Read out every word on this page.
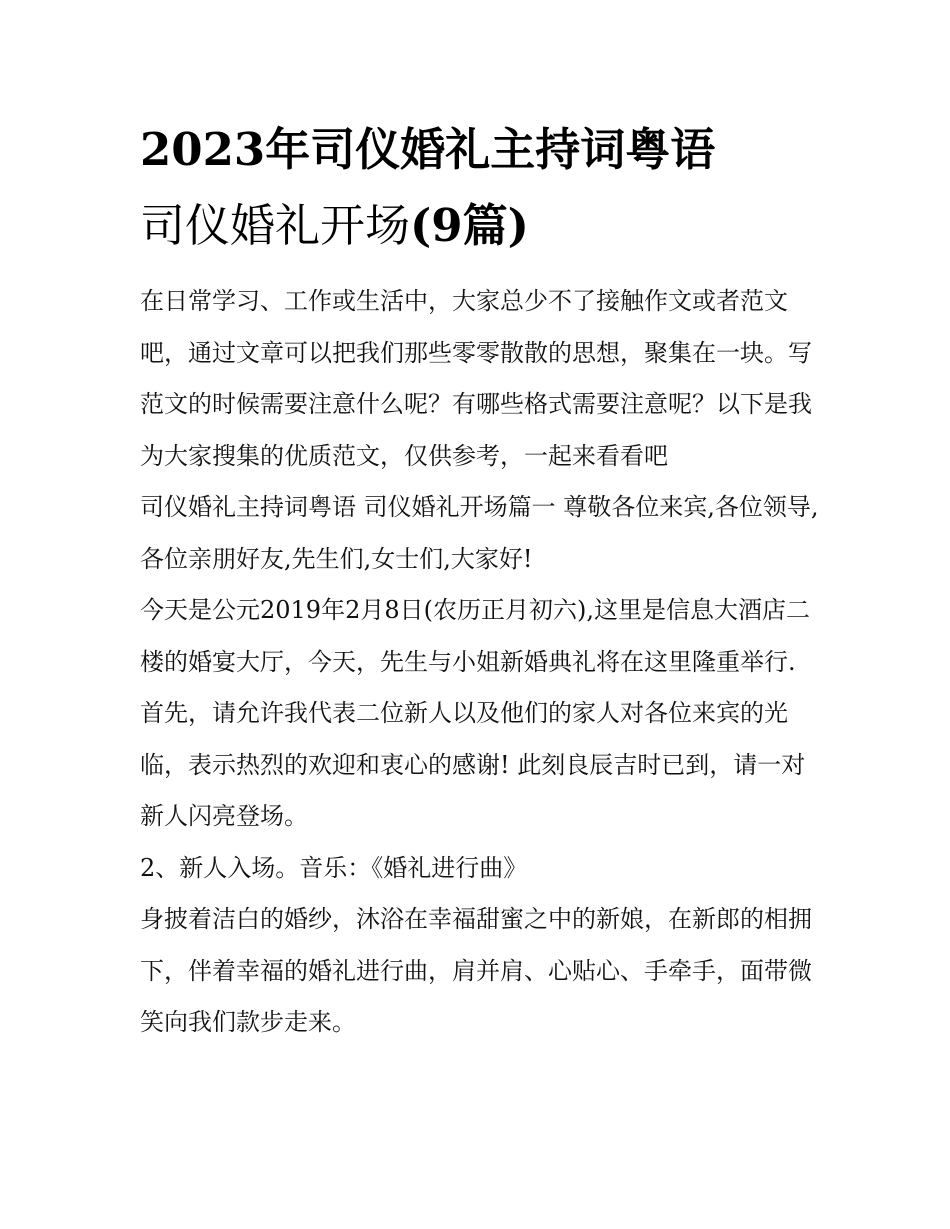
2023年司仪婚礼主持词粤语
司仪婚礼开场(9篇)

在日常学习、工作或生活中，大家总少不了接触作文或者范文吧，通过文章可以把我们那些零零散散的思想，聚集在一块。写范文的时候需要注意什么呢？有哪些格式需要注意呢？以下是我为大家搜集的优质范文，仅供参考，一起来看看吧

司仪婚礼主持词粤语 司仪婚礼开场篇一 尊敬各位来宾,各位领导,各位亲朋好友,先生们,女士们,大家好!

今天是公元2019年2月8日(农历正月初六),这里是信息大酒店二楼的婚宴大厅，今天，先生与小姐新婚典礼将在这里隆重举行.

首先，请允许我代表二位新人以及他们的家人对各位来宾的光临，表示热烈的欢迎和衷心的感谢! 此刻良辰吉时已到，请一对新人闪亮登场。

2、新人入场。音乐：《婚礼进行曲》

身披着洁白的婚纱，沐浴在幸福甜蜜之中的新娘，在新郎的相拥下，伴着幸福的婚礼进行曲，肩并肩、心贴心、手牵手，面带微笑向我们款步走来。
